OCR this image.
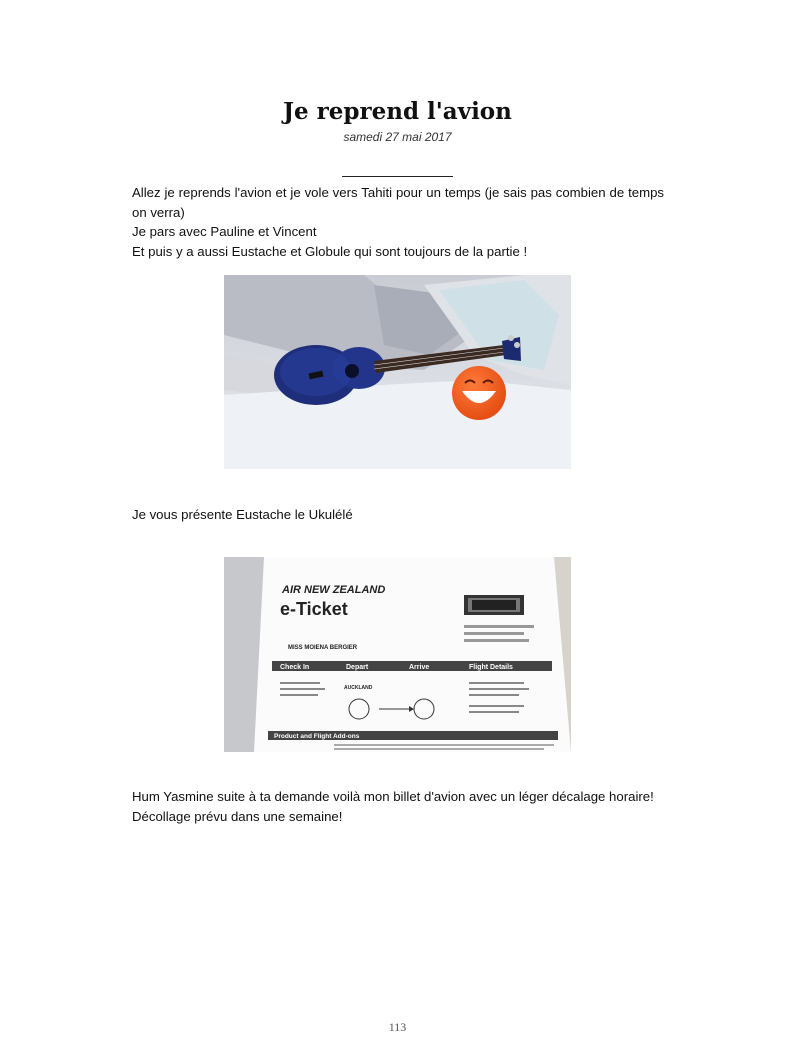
Je reprend l'avion
samedi 27 mai 2017
Allez je reprends l'avion et je vole vers Tahiti pour un temps (je sais pas combien de temps on verra)
Je pars avec Pauline et Vincent
Et puis y a aussi Eustache et Globule qui sont toujours de la partie !
Je vous présente Eustache le Ukulélé
AIR NEW ZEALAND
e-Ticket
MISS MOIENA BERGIER
Check In	Depart	Arrive	Flight Details
AUCKLAND
Product and Flight Add-ons
Hum Yasmine suite à ta demande voilà mon billet d'avion avec un léger décalage horaire!
Décollage prévu dans une semaine!
113
